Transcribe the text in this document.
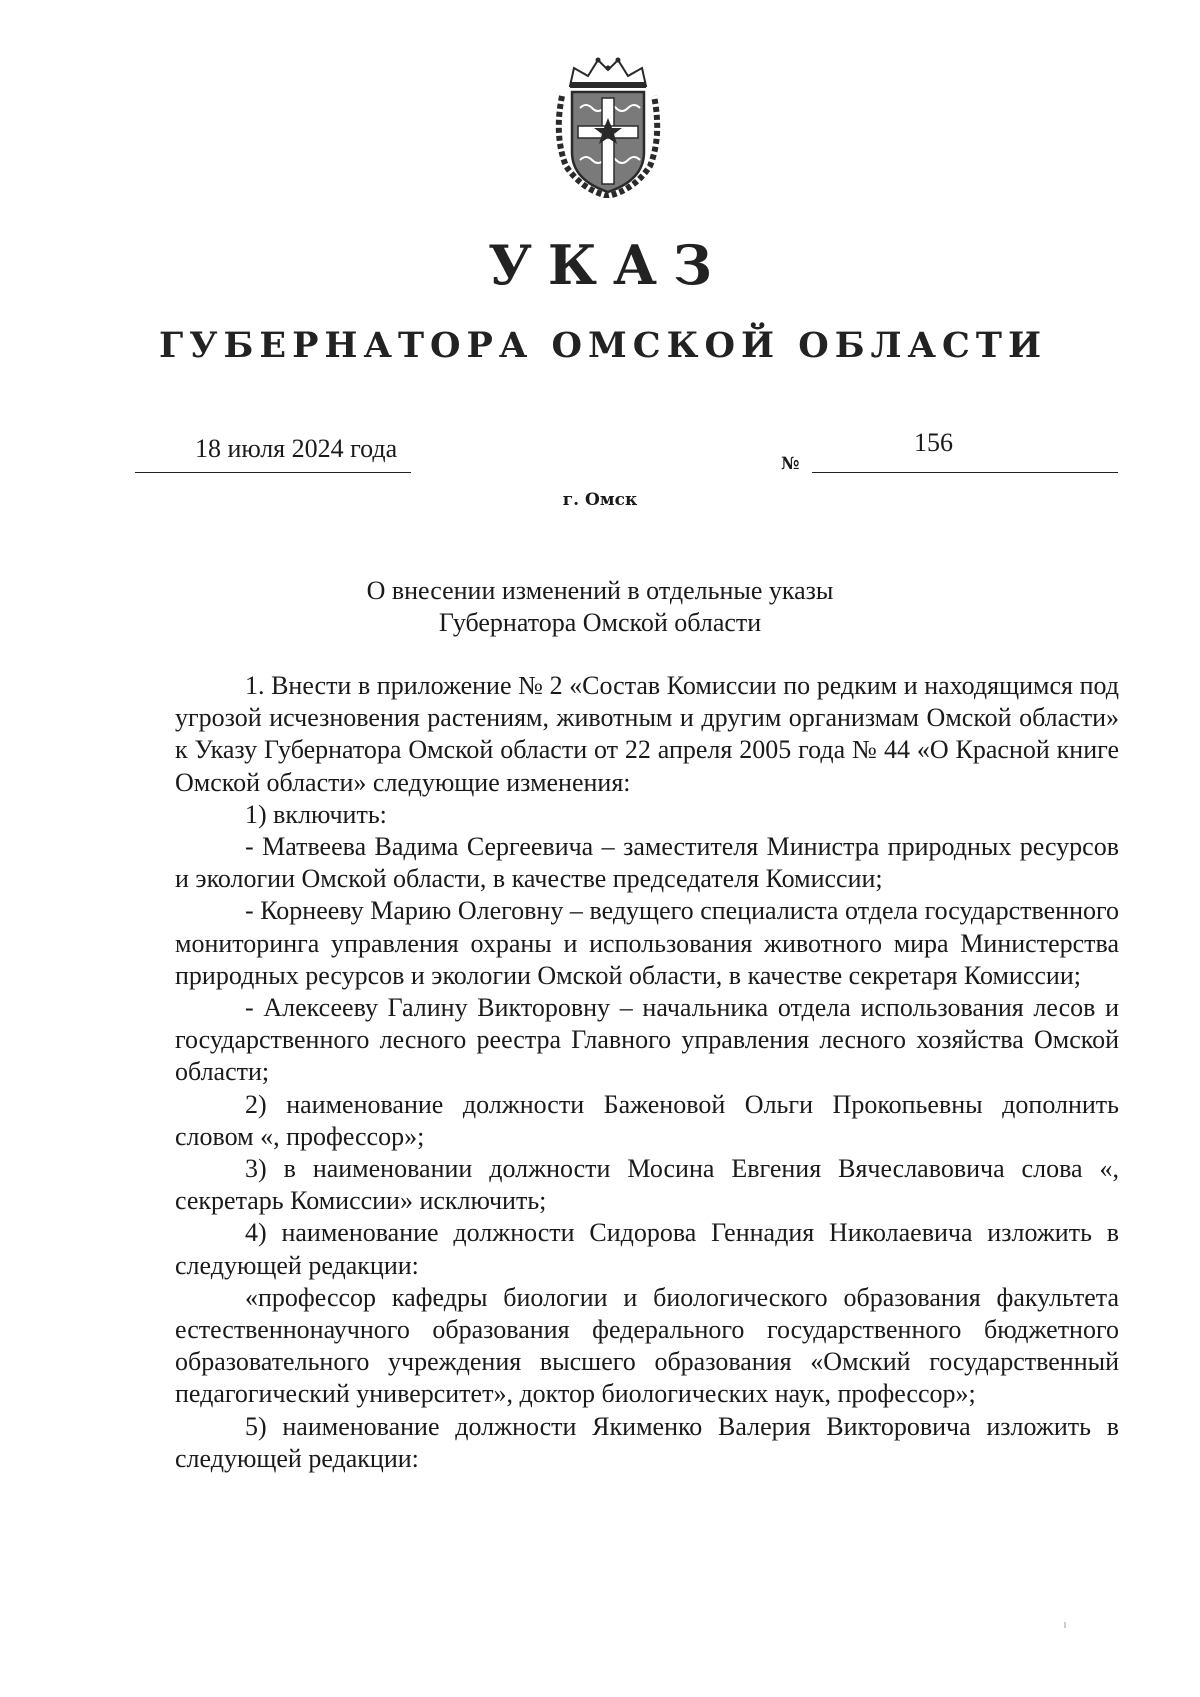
УКАЗ
ГУБЕРНАТОРА ОМСКОЙ ОБЛАСТИ
18 июля 2024 года
№
156
г. Омск
О внесении изменений в отдельные указы
Губернатора Омской области

1. Внести в приложение № 2 «Состав Комиссии по редким и находящимся под угрозой исчезновения растениям, животным и другим организмам Омской области» к Указу Губернатора Омской области от 22 апреля 2005 года № 44 «О Красной книге Омской области» следующие изменения:

1) включить:

- Матвеева Вадима Сергеевича – заместителя Министра природных ресурсов и экологии Омской области, в качестве председателя Комиссии;

- Корнееву Марию Олеговну – ведущего специалиста отдела государственного мониторинга управления охраны и использования животного мира Министерства природных ресурсов и экологии Омской области, в качестве секретаря Комиссии;

- Алексееву Галину Викторовну – начальника отдела использования лесов и государственного лесного реестра Главного управления лесного хозяйства Омской области;

2) наименование должности Баженовой Ольги Прокопьевны дополнить словом «, профессор»;

3) в наименовании должности Мосина Евгения Вячеславовича слова «, секретарь Комиссии» исключить;

4) наименование должности Сидорова Геннадия Николаевича изложить в следующей редакции:

«профессор кафедры биологии и биологического образования факультета естественнонаучного образования федерального государственного бюджетного образовательного учреждения высшего образования «Омский государственный педагогический университет», доктор биологических наук, профессор»;

5) наименование должности Якименко Валерия Викторовича изложить в следующей редакции:
